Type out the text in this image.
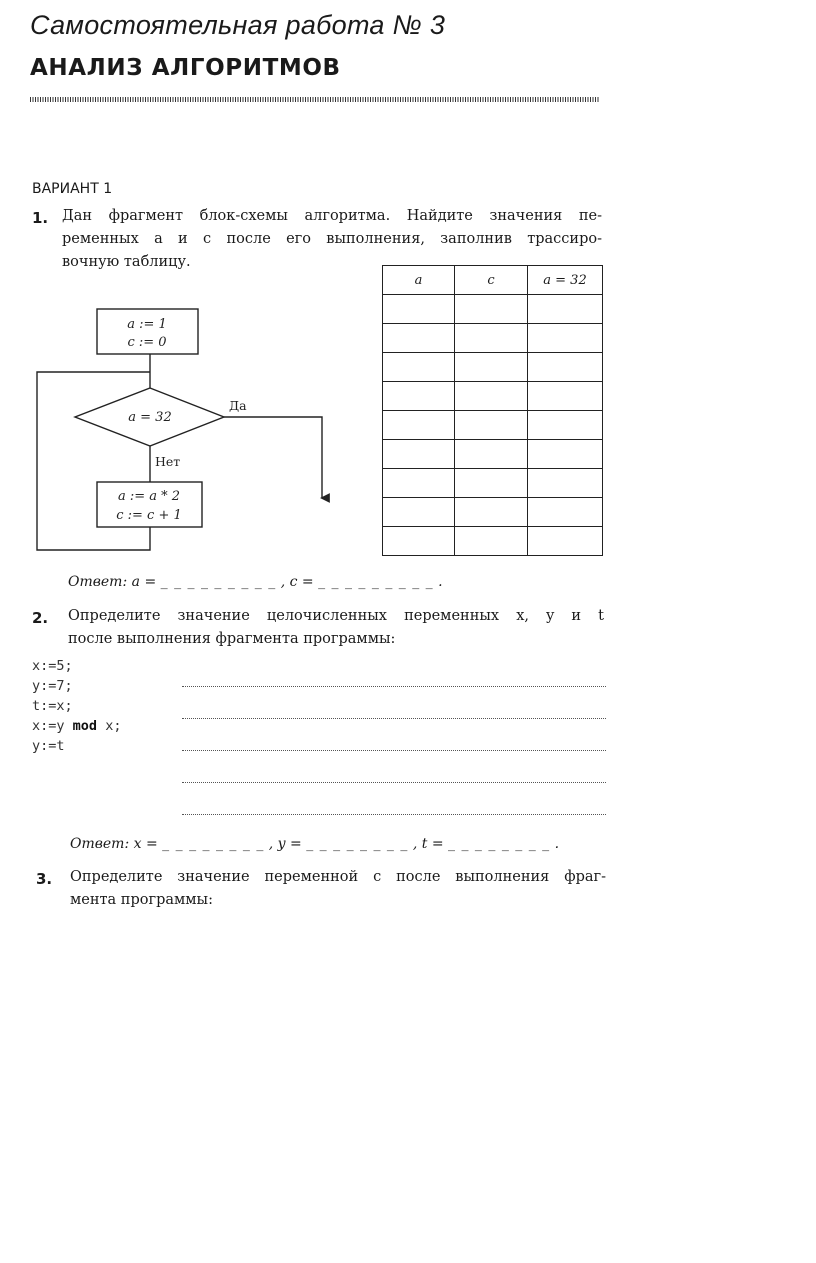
Самостоятельная работа № 3
АНАЛИЗ АЛГОРИТМОВ
ВАРИАНТ 1
1. Дан фрагмент блок-схемы алгоритма. Найдите значения пе-
ременных a и c после его выполнения, заполнив трассиро-
вочную таблицу.
a := 1
c := 0
a = 32
a := a * 2
c := c + 1
Да
Нет
a	c	a = 32

Ответ: a = _ _ _ _ _ _ _ _ _ , c = _ _ _ _ _ _ _ _ _ .
2. Определите значение целочисленных переменных x, y и t
после выполнения фрагмента программы:
x:=5;
y:=7;
t:=x;
x:=y mod x;
y:=t
Ответ: x = _ _ _ _ _ _ _ _ , y = _ _ _ _ _ _ _ _ , t = _ _ _ _ _ _ _ _ .
3. Определите значение переменной c после выполнения фраг-
мента программы:
